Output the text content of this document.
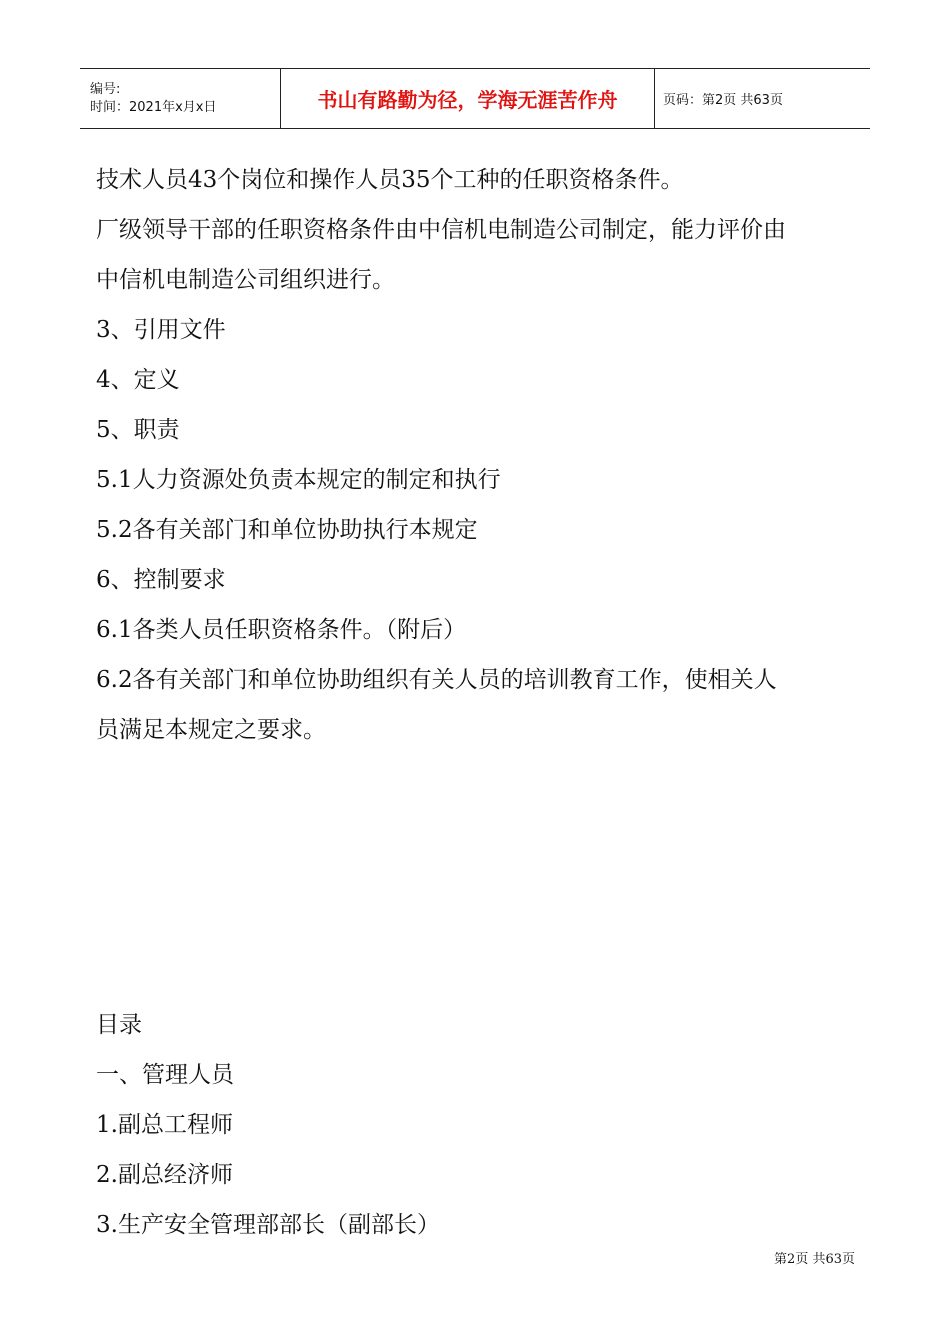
编号:
时间：2021年x月x日	书山有路勤为径，学海无涯苦作舟	页码：第2页 共63页
技术人员43个岗位和操作人员35个工种的任职资格条件。
厂级领导干部的任职资格条件由中信机电制造公司制定，能力评价由
中信机电制造公司组织进行。
3、引用文件
4、定义
5、职责
5.1人力资源处负责本规定的制定和执行
5.2各有关部门和单位协助执行本规定
6、控制要求
6.1各类人员任职资格条件。（附后）
6.2各有关部门和单位协助组织有关人员的培训教育工作，使相关人
员满足本规定之要求。
目录
一、管理人员
1.副总工程师
2.副总经济师
3.生产安全管理部部长（副部长）
第2页 共63页
